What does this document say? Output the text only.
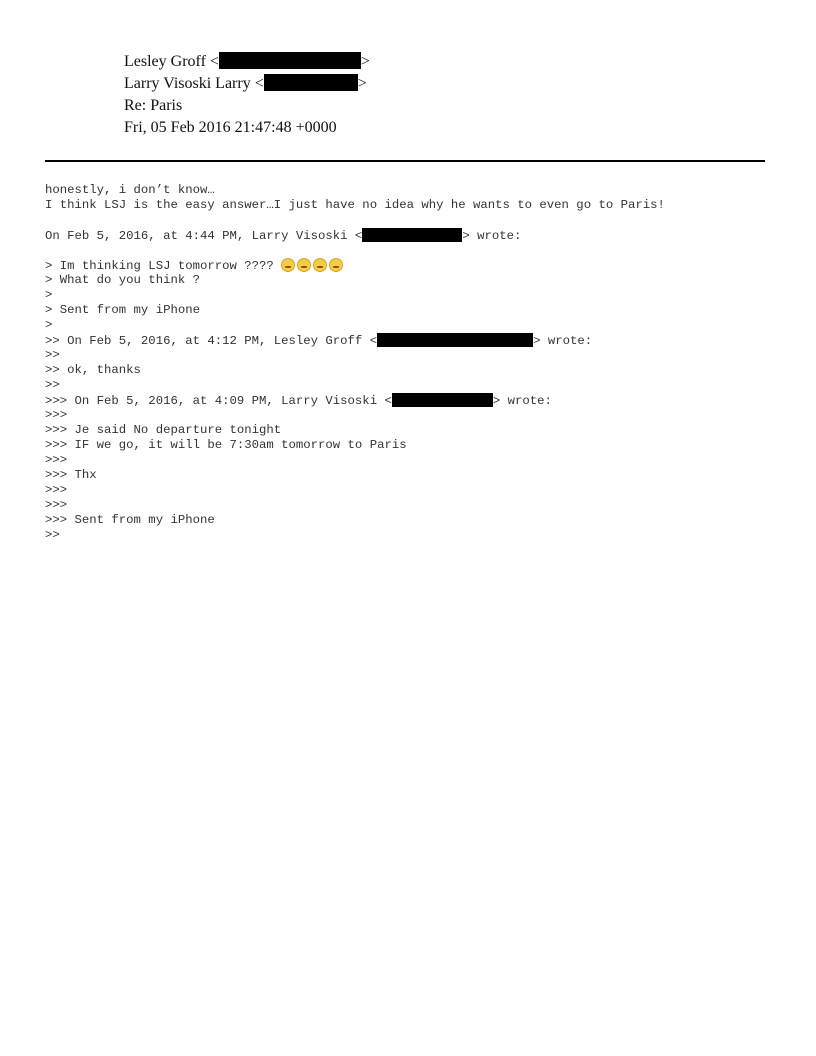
Lesley Groff <	>
Larry Visoski Larry <	>
Re: Paris
Fri, 05 Feb 2016 21:47:48 +0000
honestly, i don’t know…
I think LSJ is the easy answer…I just have no idea why he wants to even go to Paris!
On Feb 5, 2016, at 4:44 PM, Larry Visoski <	> wrote:
> Im thinking LSJ tomorrow ????
> What do you think ?
>
> Sent from my iPhone
>
>> On Feb 5, 2016, at 4:12 PM, Lesley Groff <	> wrote:
>>
>> ok, thanks
>>
>>> On Feb 5, 2016, at 4:09 PM, Larry Visoski <	> wrote:
>>>
>>> Je said No departure tonight
>>> IF we go, it will be 7:30am tomorrow to Paris
>>>
>>> Thx
>>>
>>>
>>> Sent from my iPhone
>>
